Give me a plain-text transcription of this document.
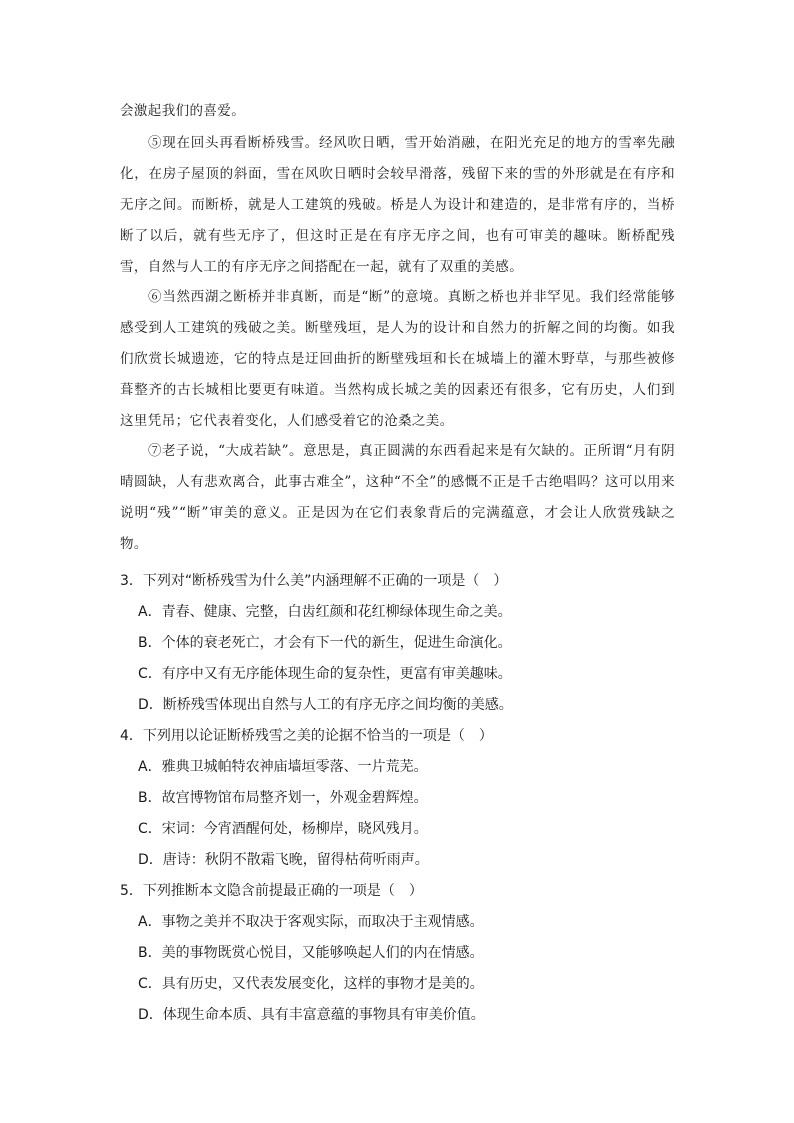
会激起我们的喜爱。

⑤现在回头再看断桥残雪。经风吹日晒，雪开始消融，在阳光充足的地方的雪率先融化，在房子屋顶的斜面，雪在风吹日晒时会较早滑落，残留下来的雪的外形就是在有序和无序之间。而断桥，就是人工建筑的残破。桥是人为设计和建造的，是非常有序的，当桥断了以后，就有些无序了，但这时正是在有序无序之间，也有可审美的趣味。断桥配残雪，自然与人工的有序无序之间搭配在一起，就有了双重的美感。

⑥当然西湖之断桥并非真断，而是“断”的意境。真断之桥也并非罕见。我们经常能够感受到人工建筑的残破之美。断壁残垣，是人为的设计和自然力的折解之间的均衡。如我们欣赏长城遗迹，它的特点是迂回曲折的断壁残垣和长在城墙上的灌木野草，与那些被修葺整齐的古长城相比要更有味道。当然构成长城之美的因素还有很多，它有历史，人们到这里凭吊；它代表着变化，人们感受着它的沧桑之美。

⑦老子说，“大成若缺”。意思是，真正圆满的东西看起来是有欠缺的。正所谓“月有阴晴圆缺，人有悲欢离合，此事古难全”，这种“不全”的感慨不正是千古绝唱吗？这可以用来说明“残”“断”审美的意义。正是因为在它们表象背后的完满蕴意，才会让人欣赏残缺之物。

3．下列对“断桥残雪为什么美”内涵理解不正确的一项是（　）

A．青春、健康、完整，白齿红颜和花红柳绿体现生命之美。

B．个体的衰老死亡，才会有下一代的新生，促进生命演化。

C．有序中又有无序能体现生命的复杂性，更富有审美趣味。

D．断桥残雪体现出自然与人工的有序无序之间均衡的美感。

4．下列用以论证断桥残雪之美的论据不恰当的一项是（　）

A．雅典卫城帕特农神庙墙垣零落、一片荒芜。

B．故宫博物馆布局整齐划一，外观金碧辉煌。

C．宋词：今宵酒醒何处，杨柳岸，晓风残月。

D．唐诗：秋阴不散霜飞晚，留得枯荷听雨声。

5．下列推断本文隐含前提最正确的一项是（　）

A．事物之美并不取决于客观实际，而取决于主观情感。

B．美的事物既赏心悦目，又能够唤起人们的内在情感。

C．具有历史，又代表发展变化，这样的事物才是美的。

D．体现生命本质、具有丰富意蕴的事物具有审美价值。
